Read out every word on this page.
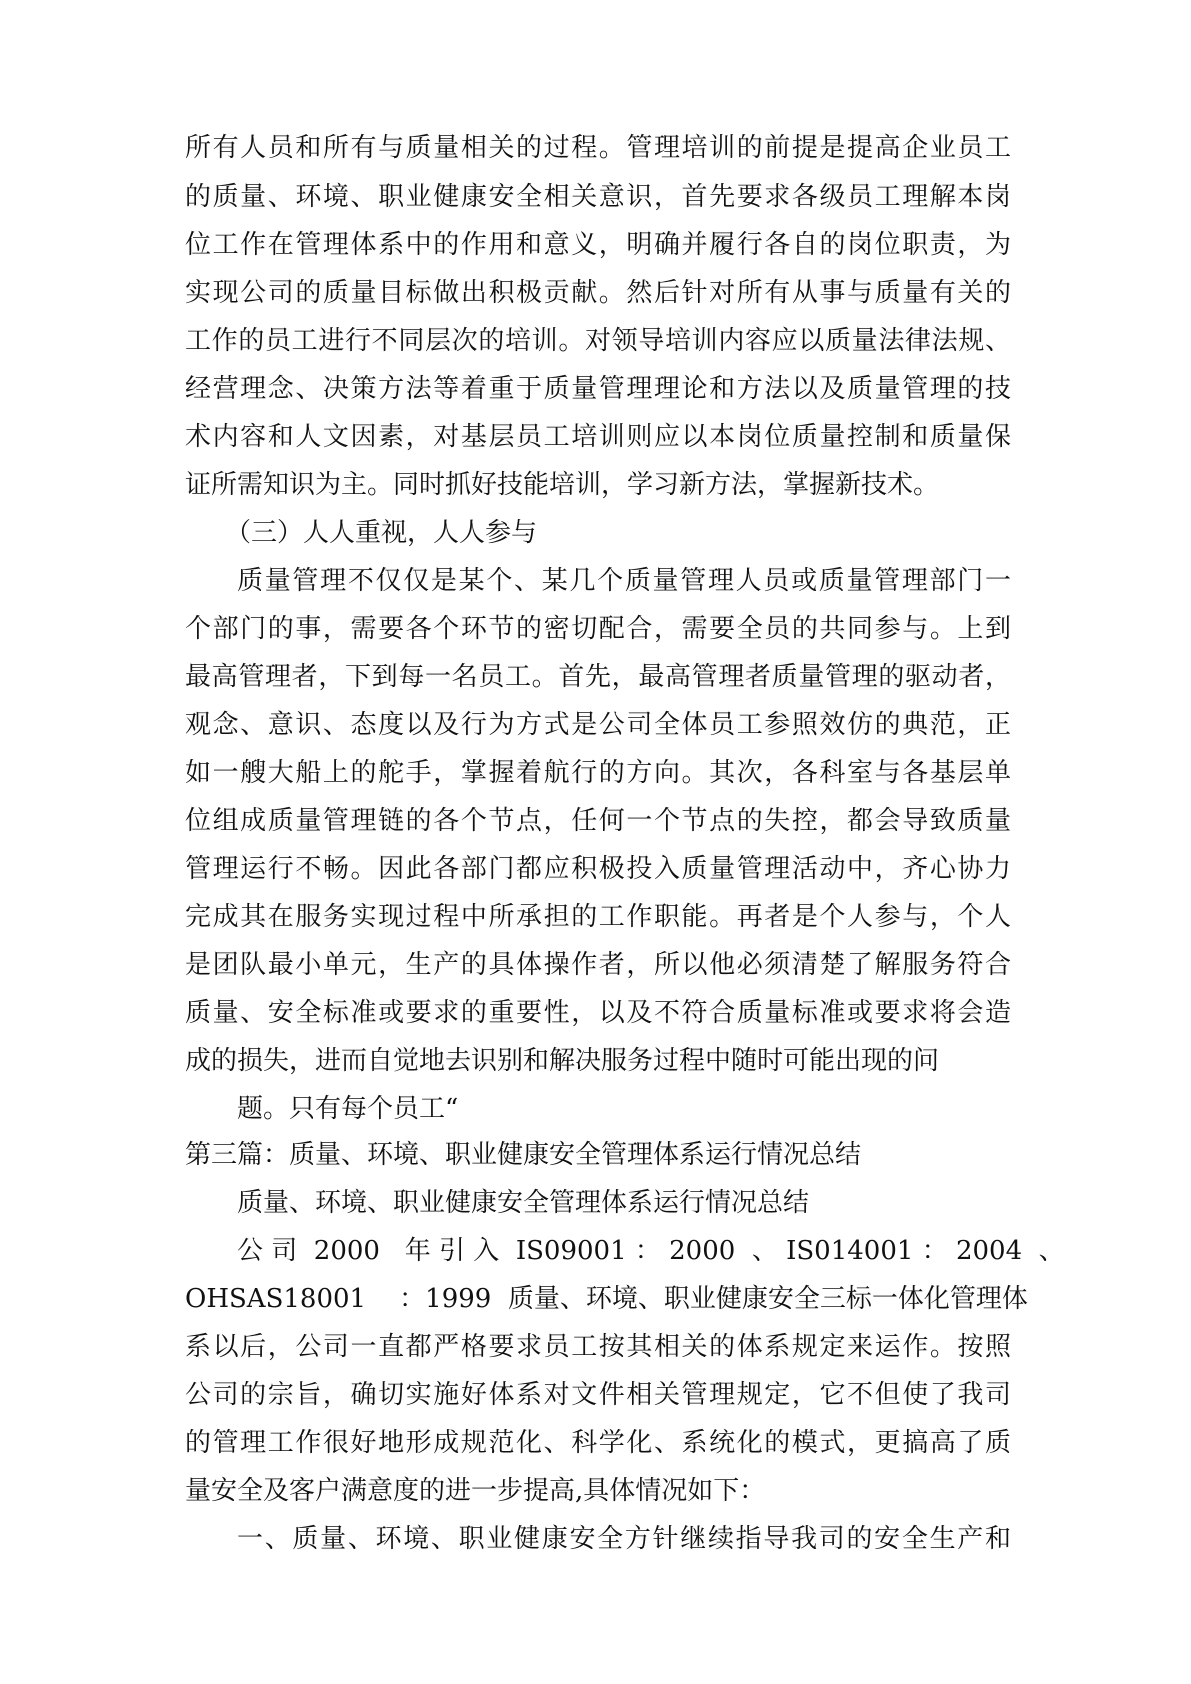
所有人员和所有与质量相关的过程。管理培训的前提是提高企业员工
的质量、环境、职业健康安全相关意识，首先要求各级员工理解本岗
位工作在管理体系中的作用和意义，明确并履行各自的岗位职责，为
实现公司的质量目标做出积极贡献。然后针对所有从事与质量有关的
工作的员工进行不同层次的培训。对领导培训内容应以质量法律法规、
经营理念、决策方法等着重于质量管理理论和方法以及质量管理的技
术内容和人文因素，对基层员工培训则应以本岗位质量控制和质量保
证所需知识为主。同时抓好技能培训，学习新方法，掌握新技术。
（三）人人重视，人人参与
质量管理不仅仅是某个、某几个质量管理人员或质量管理部门一
个部门的事，需要各个环节的密切配合，需要全员的共同参与。上到
最高管理者，下到每一名员工。首先，最高管理者质量管理的驱动者，
观念、意识、态度以及行为方式是公司全体员工参照效仿的典范，正
如一艘大船上的舵手，掌握着航行的方向。其次，各科室与各基层单
位组成质量管理链的各个节点，任何一个节点的失控，都会导致质量
管理运行不畅。因此各部门都应积极投入质量管理活动中，齐心协力
完成其在服务实现过程中所承担的工作职能。再者是个人参与，个人
是团队最小单元，生产的具体操作者，所以他必须清楚了解服务符合
质量、安全标准或要求的重要性，以及不符合质量标准或要求将会造
成的损失，进而自觉地去识别和解决服务过程中随时可能出现的问
题。只有每个员工“
第三篇：质量、环境、职业健康安全管理体系运行情况总结
质量、环境、职业健康安全管理体系运行情况总结
公 司  2000   年 引 入  IS09001 ： 2000  、 IS014001 ： 2004  、
OHSAS18001    ：1999  质量、环境、职业健康安全三标一体化管理体
系以后，公司一直都严格要求员工按其相关的体系规定来运作。按照
公司的宗旨，确切实施好体系对文件相关管理规定，它不但使了我司
的管理工作很好地形成规范化、科学化、系统化的模式，更搞高了质
量安全及客户满意度的进一步提高,具体情况如下：
一、质量、环境、职业健康安全方针继续指导我司的安全生产和
